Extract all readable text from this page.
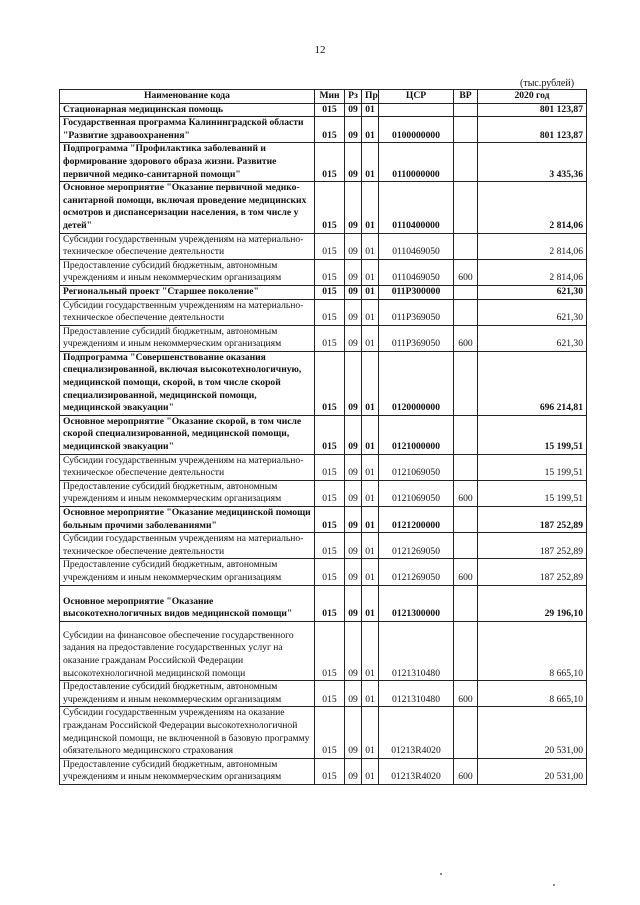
12
(тыс.рублей)
Наименование кода	Мин	Рз	Пр	ЦСР	ВР	2020 год
Стационарная медицинская помощь	015	09	01			801 123,87
Государственная программа Калининградской области "Развитие здравоохранения"	015	09	01	0100000000		801 123,87
Подпрограмма "Профилактика заболеваний и формирование здорового образа жизни. Развитие первичной медико-санитарной помощи"	015	09	01	0110000000		3 435,36
Основное мероприятие "Оказание первичной медико-санитарной помощи, включая проведение медицинских осмотров и диспансеризации населения, в том числе у детей"	015	09	01	0110400000		2 814,06
Субсидии государственным учреждениям на материально-техническое обеспечение деятельности	015	09	01	0110469050		2 814,06
Предоставление субсидий бюджетным, автономным учреждениям и иным некоммерческим организациям	015	09	01	0110469050	600	2 814,06
Региональный проект "Старшее поколение"	015	09	01	011P300000		621,30
Субсидии государственным учреждениям на материально-техническое обеспечение деятельности	015	09	01	011P369050		621,30
Предоставление субсидий бюджетным, автономным учреждениям и иным некоммерческим организациям	015	09	01	011P369050	600	621,30
Подпрограмма "Совершенствование оказания специализированной, включая высокотехнологичную, медицинской помощи, скорой, в том числе скорой специализированной, медицинской помощи, медицинской эвакуации"	015	09	01	0120000000		696 214,81
Основное мероприятие "Оказание скорой, в том числе скорой специализированной, медицинской помощи, медицинской эвакуации"	015	09	01	0121000000		15 199,51
Субсидии государственным учреждениям на материально-техническое обеспечение деятельности	015	09	01	0121069050		15 199,51
Предоставление субсидий бюджетным, автономным учреждениям и иным некоммерческим организациям	015	09	01	0121069050	600	15 199,51
Основное мероприятие "Оказание медицинской помощи больным прочими заболеваниями"	015	09	01	0121200000		187 252,89
Субсидии государственным учреждениям на материально-техническое обеспечение деятельности	015	09	01	0121269050		187 252,89
Предоставление субсидий бюджетным, автономным учреждениям и иным некоммерческим организациям	015	09	01	0121269050	600	187 252,89
Основное мероприятие "Оказание высокотехнологичных видов медицинской помощи"	015	09	01	0121300000		29 196,10
Субсидии на финансовое обеспечение государственного задания на предоставление государственных услуг на оказание гражданам Российской Федерации высокотехнологичной медицинской помощи	015	09	01	0121310480		8 665,10
Предоставление субсидий бюджетным, автономным учреждениям и иным некоммерческим организациям	015	09	01	0121310480	600	8 665,10
Субсидии государственным учреждениям на оказание гражданам Российской Федерации высокотехнологичной медицинской помощи, не включенной в базовую программу обязательного медицинского страхования	015	09	01	01213R4020		20 531,00
Предоставление субсидий бюджетным, автономным учреждениям и иным некоммерческим организациям	015	09	01	01213R4020	600	20 531,00
